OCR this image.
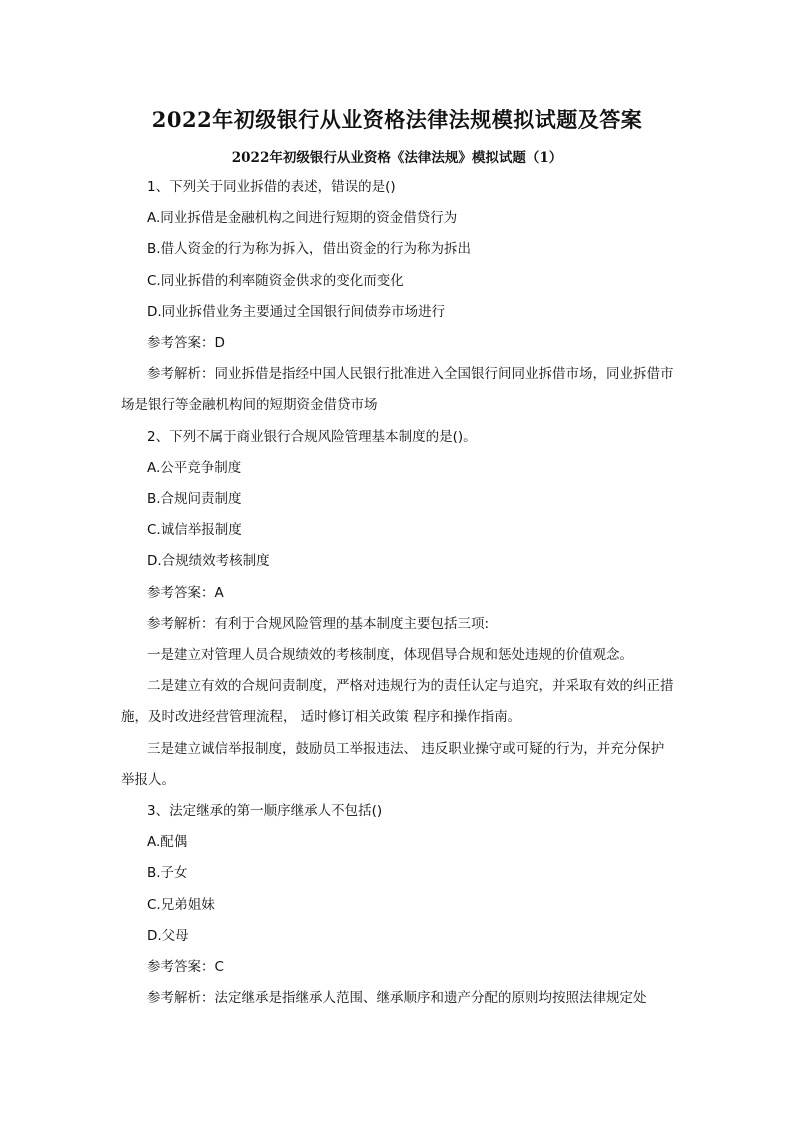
2022年初级银行从业资格法律法规模拟试题及答案
2022年初级银行从业资格《法律法规》模拟试题（1）

1、下列关于同业拆借的表述，错误的是()

A.同业拆借是金融机构之间进行短期的资金借贷行为

B.借人资金的行为称为拆入，借出资金的行为称为拆出

C.同业拆借的利率随资金供求的变化而变化

D.同业拆借业务主要通过全国银行间债券市场进行

参考答案：D

参考解析：同业拆借是指经中国人民银行批准进入全国银行间同业拆借市场，同业拆借市场是银行等金融机构间的短期资金借贷市场

2、下列不属于商业银行合规风险管理基本制度的是()。

A.公平竞争制度

B.合规问责制度

C.诚信举报制度

D.合规绩效考核制度

参考答案：A

参考解析：有利于合规风险管理的基本制度主要包括三项:

一是建立对管理人员合规绩效的考核制度，体现倡导合规和惩处违规的价值观念。

二是建立有效的合规问责制度，严格对违规行为的责任认定与追究，并采取有效的纠正措施，及时改进经营管理流程， 适时修订相关政策 程序和操作指南。

三是建立诚信举报制度，鼓励员工举报违法、 违反职业操守或可疑的行为，并充分保护举报人。

3、法定继承的第一顺序继承人不包括()

A.配偶

B.子女

C.兄弟姐妹

D.父母

参考答案：C

参考解析：法定继承是指继承人范围、继承顺序和遗产分配的原则均按照法律规定处
